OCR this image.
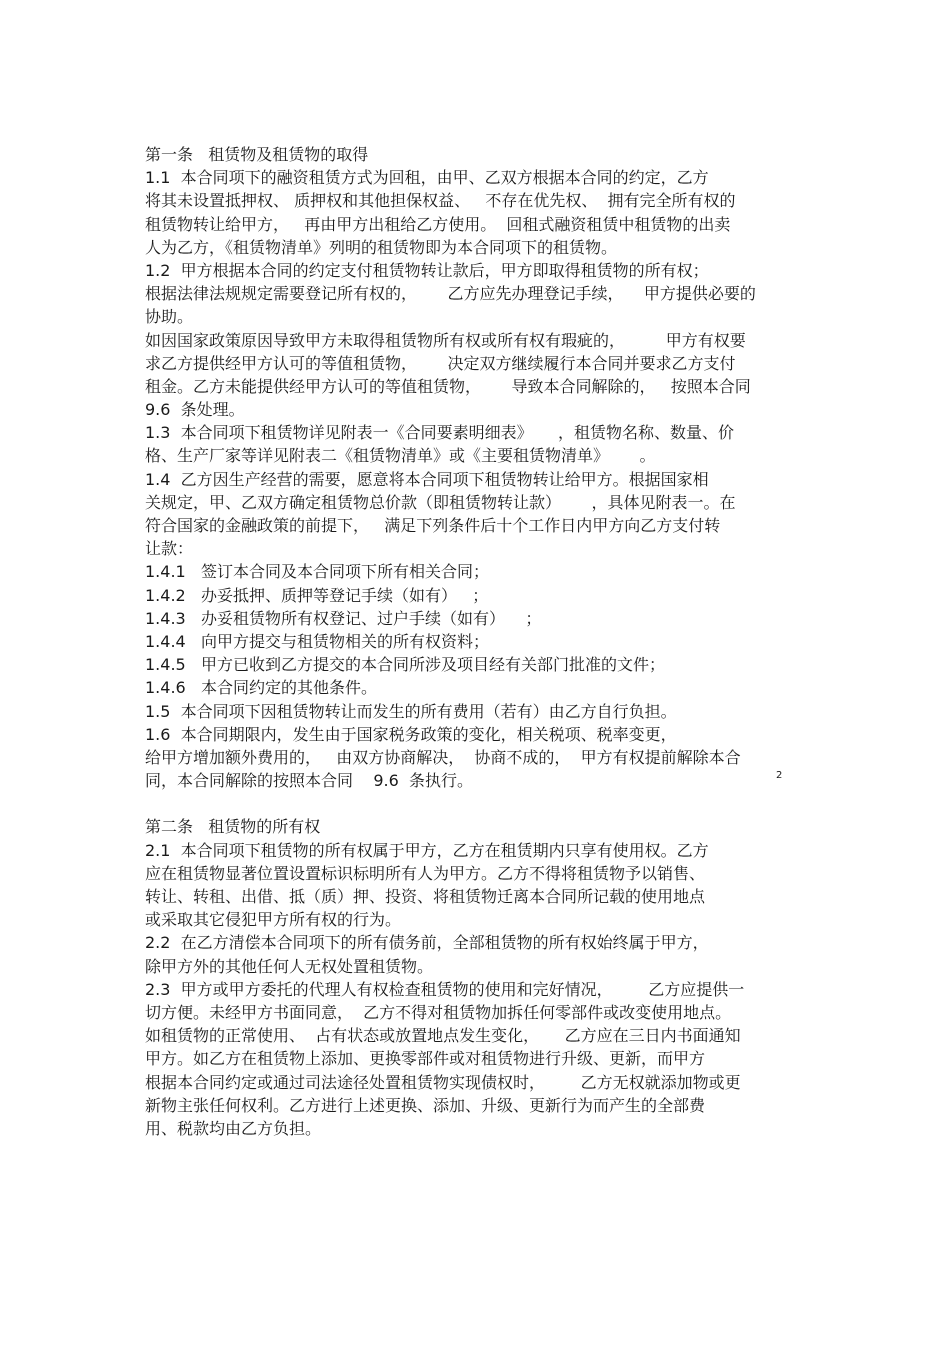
第一条   租赁物及租赁物的取得
1.1  本合同项下的融资租赁方式为回租，由甲、乙双方根据本合同的约定，乙方
将其未设置抵押权、 质押权和其他担保权益、   不存在优先权、  拥有完全所有权的
租赁物转让给甲方，   再由甲方出租给乙方使用。  回租式融资租赁中租赁物的出卖
人为乙方，《租赁物清单》列明的租赁物即为本合同项下的租赁物。
1.2  甲方根据本合同的约定支付租赁物转让款后，甲方即取得租赁物的所有权；
根据法律法规规定需要登记所有权的，      乙方应先办理登记手续，    甲方提供必要的
协助。
如因国家政策原因导致甲方未取得租赁物所有权或所有权有瑕疵的，        甲方有权要
求乙方提供经甲方认可的等值租赁物，      决定双方继续履行本合同并要求乙方支付
租金。乙方未能提供经甲方认可的等值租赁物，      导致本合同解除的，   按照本合同
9.6  条处理。
1.3  本合同项下租赁物详见附表一《合同要素明细表》     ，租赁物名称、数量、价
格、生产厂家等详见附表二《租赁物清单》或《主要租赁物清单》      。
1.4  乙方因生产经营的需要，愿意将本合同项下租赁物转让给甲方。根据国家相
关规定，甲、乙双方确定租赁物总价款（即租赁物转让款）      ，具体见附表一。在
符合国家的金融政策的前提下，   满足下列条件后十个工作日内甲方向乙方支付转
让款：
1.4.1   签订本合同及本合同项下所有相关合同；
1.4.2   办妥抵押、质押等登记手续（如有）   ；
1.4.3   办妥租赁物所有权登记、过户手续（如有）    ；
1.4.4   向甲方提交与租赁物相关的所有权资料；
1.4.5   甲方已收到乙方提交的本合同所涉及项目经有关部门批准的文件；
1.4.6   本合同约定的其他条件。
1.5  本合同项下因租赁物转让而发生的所有费用（若有）由乙方自行负担。
1.6  本合同期限内，发生由于国家税务政策的变化，相关税项、税率变更，
给甲方增加额外费用的，   由双方协商解决，  协商不成的，  甲方有权提前解除本合
同，本合同解除的按照本合同    9.6  条执行。
第二条   租赁物的所有权
2.1  本合同项下租赁物的所有权属于甲方，乙方在租赁期内只享有使用权。乙方
应在租赁物显著位置设置标识标明所有人为甲方。乙方不得将租赁物予以销售、
转让、转租、出借、抵（质）押、投资、将租赁物迁离本合同所记载的使用地点
或采取其它侵犯甲方所有权的行为。
2.2  在乙方清偿本合同项下的所有债务前，全部租赁物的所有权始终属于甲方，
除甲方外的其他任何人无权处置租赁物。
2.3  甲方或甲方委托的代理人有权检查租赁物的使用和完好情况，       乙方应提供一
切方便。未经甲方书面同意，  乙方不得对租赁物加拆任何零部件或改变使用地点。
如租赁物的正常使用、  占有状态或放置地点发生变化，     乙方应在三日内书面通知
甲方。如乙方在租赁物上添加、更换零部件或对租赁物进行升级、更新，而甲方
根据本合同约定或通过司法途径处置租赁物实现债权时，       乙方无权就添加物或更
新物主张任何权利。乙方进行上述更换、添加、升级、更新行为而产生的全部费
用、税款均由乙方负担。
2
